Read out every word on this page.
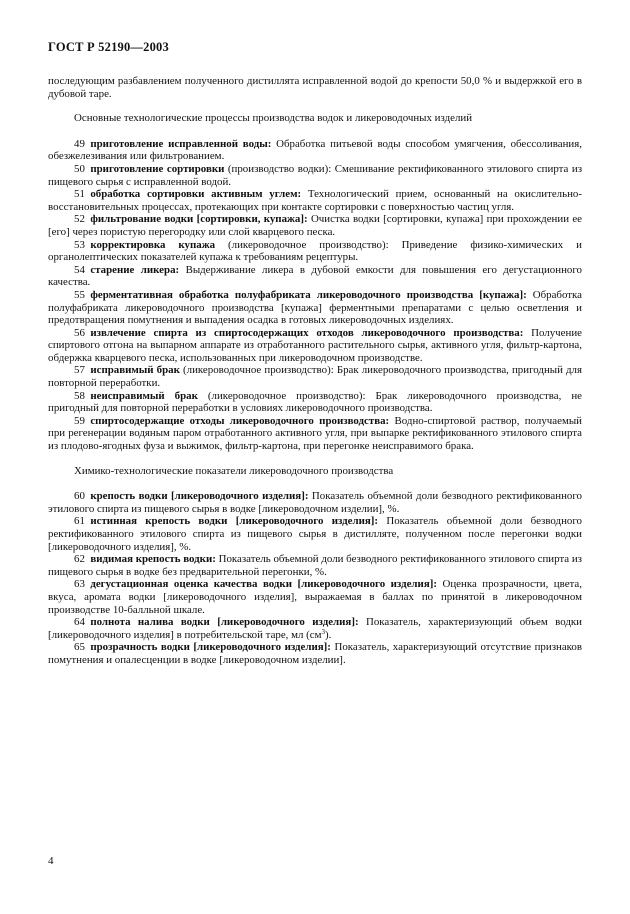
ГОСТ Р 52190—2003

последующим разбавлением полученного дистиллята исправленной водой до крепости 50,0 % и выдержкой его в дубовой таре.

Основные технологические процессы производства водок и ликероводочных изделий

49  приготовление исправленной воды: Обработка питьевой воды способом умягчения, обессоливания, обезжелезивания или фильтрованием.

50  приготовление сортировки (производство водки): Смешивание ректификованного этилового спирта из пищевого сырья с исправленной водой.

51  обработка сортировки активным углем: Технологический прием, основанный на окислительно-восстановительных процессах, протекающих при контакте сортировки с поверхностью частиц угля.

52  фильтрование водки [сортировки, купажа]: Очистка водки [сортировки, купажа] при прохождении ее [его] через пористую перегородку или слой кварцевого песка.

53  корректировка купажа (ликероводочное производство): Приведение физико-химических и органолептических показателей купажа к требованиям рецептуры.

54  старение ликера: Выдерживание ликера в дубовой емкости для повышения его дегустационного качества.

55  ферментативная обработка полуфабриката ликероводочного производства [купажа]: Обработка полуфабриката ликероводочного производства [купажа] ферментными препаратами с целью осветления и предотвращения помутнения и выпадения осадка в готовых ликероводочных изделиях.

56  извлечение спирта из спиртосодержащих отходов ликероводочного производства: Получение спиртового отгона на выпарном аппарате из отработанного растительного сырья, активного угля, фильтр-картона, обдержка кварцевого песка, использованных при ликероводочном производстве.

57  исправимый брак (ликероводочное производство): Брак ликероводочного производства, пригодный для повторной переработки.

58  неисправимый брак (ликероводочное производство): Брак ликероводочного производства, не пригодный для повторной переработки в условиях ликероводочного производства.

59  спиртосодержащие отходы ликероводочного производства: Водно-спиртовой раствор, получаемый при регенерации водяным паром отработанного активного угля, при выпарке ректификованного этилового спирта из плодово-ягодных фуза и выжимок, фильтр-картона, при перегонке неисправимого брака.

Химико-технологические показатели ликероводочного производства

60  крепость водки [ликероводочного изделия]: Показатель объемной доли безводного ректификованного этилового спирта из пищевого сырья в водке [ликероводочном изделии], %.

61  истинная крепость водки [ликероводочного изделия]: Показатель объемной доли безводного ректификованного этилового спирта из пищевого сырья в дистилляте, полученном после перегонки водки [ликероводочного изделия], %.

62  видимая крепость водки: Показатель объемной доли безводного ректификованного этилового спирта из пищевого сырья в водке без предварительной перегонки, %.

63  дегустационная оценка качества водки [ликероводочного изделия]: Оценка прозрачности, цвета, вкуса, аромата водки [ликероводочного изделия], выражаемая в баллах по принятой в ликероводочном производстве 10-балльной шкале.

64  полнота налива водки [ликероводочного изделия]: Показатель, характеризующий объем водки [ликероводочного изделия] в потребительской таре, мл $(см^3)$.

65  прозрачность водки [ликероводочного изделия]: Показатель, характеризующий отсутствие признаков помутнения и опалесценции в водке [ликероводочном изделии].

4
